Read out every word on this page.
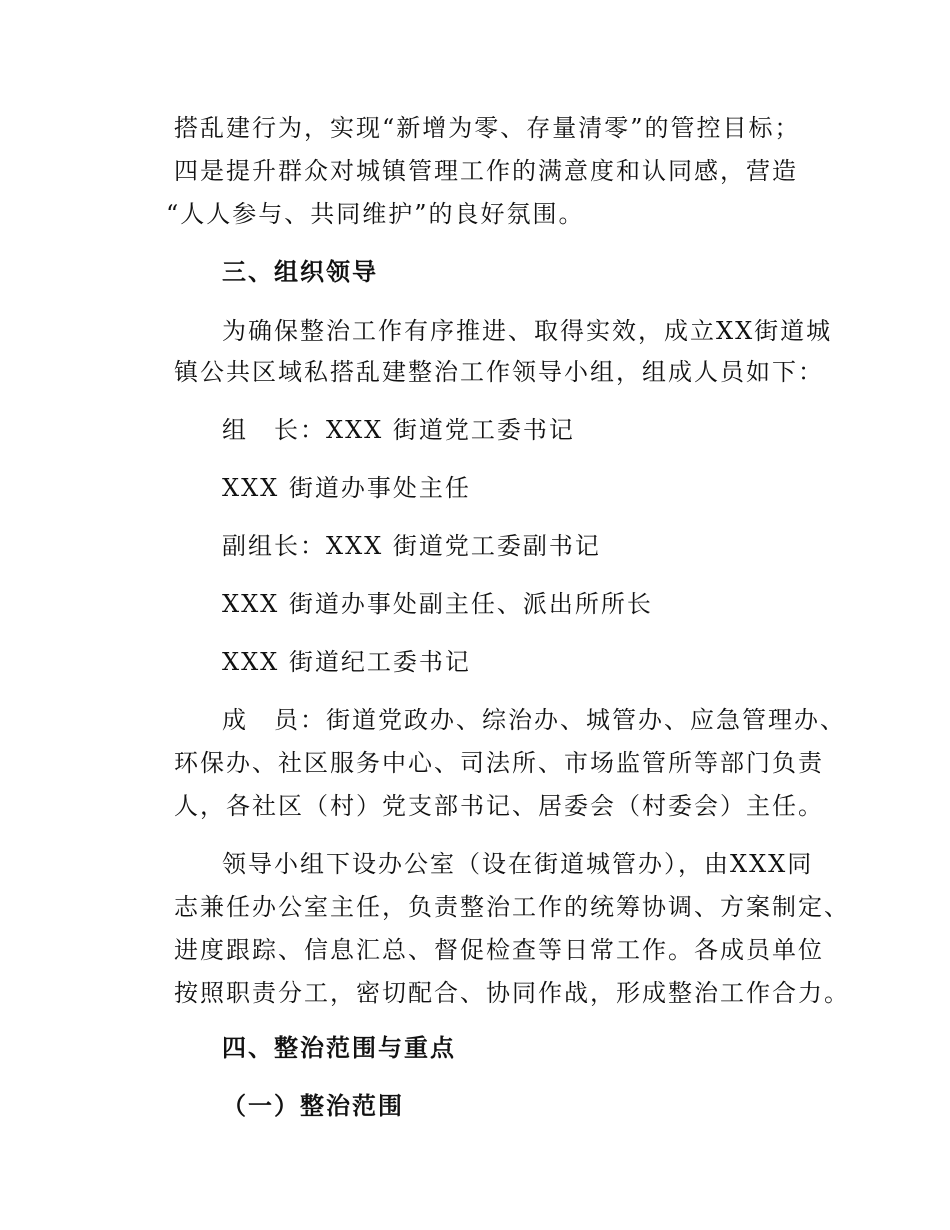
搭乱建行为，实现“新增为零、存量清零”的管控目标；
四是提升群众对城镇管理工作的满意度和认同感，营造
“人人参与、共同维护”的良好氛围。
三、组织领导
为确保整治工作有序推进、取得实效，成立XX街道城
镇公共区域私搭乱建整治工作领导小组，组成人员如下：
组　长：XXX 街道党工委书记
XXX 街道办事处主任
副组长：XXX 街道党工委副书记
XXX 街道办事处副主任、派出所所长
XXX 街道纪工委书记
成　员：街道党政办、综治办、城管办、应急管理办、
环保办、社区服务中心、司法所、市场监管所等部门负责
人，各社区（村）党支部书记、居委会（村委会）主任。
领导小组下设办公室（设在街道城管办），由XXX同
志兼任办公室主任，负责整治工作的统筹协调、方案制定、
进度跟踪、信息汇总、督促检查等日常工作。各成员单位
按照职责分工，密切配合、协同作战，形成整治工作合力。
四、整治范围与重点
（一）整治范围
